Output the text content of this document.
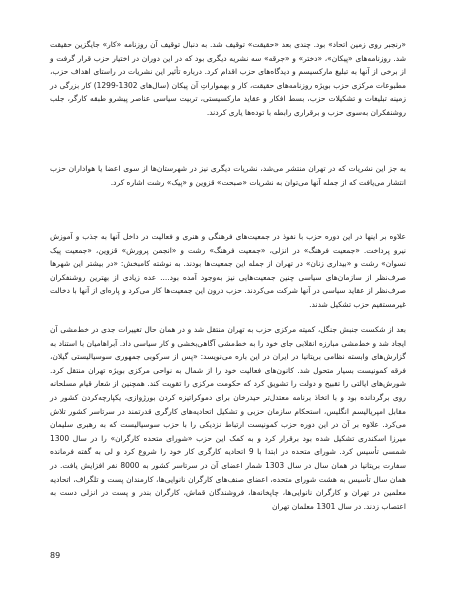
«رنجبر روی زمین اتحاد» بود. چندی بعد «حقیقت» توقیف شد. به دنبال توقیف آن روزنامه «کار» جایگزین حقیقت شد. روزنامه‌های «پیکان»، «دختر» و «جرقه» سه نشریه دیگری بود که در این دوران در اختیار حزب قرار گرفت و از برخی از آنها به تبلیغ مارکسیسم و دیدگاه‌های حزب اقدام کرد. درباره تأثیر این نشریات در راستای اهداف حزب، مطبوعات مرکزی حزب بویژه روزنامه‌های حقیقت، کار و بهمواراتِ آن پیکان (سال‌های 1302-1299) کار بزرگی در زمینه تبلیغات و تشکیلات حزب، بسط افکار و عقاید مارکسیستی، تربیت سیاسی عناصر پیشرو طبقه کارگر، جلب روشنفکران به‌سوی حزب و برقراری رابطه با توده‌ها یاری کردند.

به جز این نشریات که در تهران منتشر می‌شد، نشریات دیگری نیز در شهرستان‌ها از سوی اعضا یا هواداران حزب انتشار می‌یافت که از جمله آنها می‌توان به نشریات «صبحت» قزوین و «پیک» رشت اشاره کرد.

علاوه بر اینها در این دوره حزب با نفوذ در جمعیت‌های فرهنگی و هنری و فعالیت در داخل آنها به جذب و آموزش نیرو پرداخت. «جمعیت فرهنگ» در انزلی، «جمعیت فرهنگ» رشت و «انجمن پرورش» قزوین، «جمعیت پیک نسوان» رشت و «بیداری زنان» در تهران از جمله این جمعیت‌ها بودند. به نوشته کامبخش: «در بیشتر این شهرها صرف‌نظر از سازمان‌های سیاسی چنین جمعیت‌هایی نیز به‌وجود آمده بود.... عده زیادی از بهترین روشنفکران صرف‌نظر از عقاید سیاسی در آنها شرکت می‌کردند. حزب درون این جمعیت‌ها کار می‌کرد و پاره‌ای از آنها با دخالت غیرمستقیم حزب تشکیل شدند.

بعد از شکست جنبش جنگل، کمیته مرکزی حزب به تهران منتقل شد و در همان حال تغییرات جدی در خط‌مشی آن ایجاد شد و خط‌مشی مبارزه انقلابی جای خود را به خط‌مشی آگاهی‌بخشی و کار سیاسی داد. آبراهامیان با استناد به گزارش‌های وابسته نظامی بریتانیا در ایران در این باره می‌نویسد: «پس از سرکوبی جمهوری سوسیالیستی گیلان، فرقه کمونیست بسیار متحول شد. کانون‌های فعالیت خود را از شمال به نواحی مرکزی بویژه تهران منتقل کرد. شورش‌های ایالتی را تقبیح و دولت را تشویق کرد که حکومت مرکزی را تقویت کند. همچنین از شعار قیام مسلحانه روی برگردانده بود و با اتخاذ برنامه معتدل‌تر حیدرخان برای دموکراتیزه کردن بورژوازی، یکپارچه‌کردن کشور در مقابل امپریالیسم انگلیس، استحکام سازمان حزبی و تشکیل اتحادیه‌های کارگری قدرتمند در سرتاسر کشور تلاش می‌کرد. علاوه بر آن در این دوره حزب کمونیست ارتباط نزدیکی را با حزب سوسیالیست که به رهبری سلیمان میرزا اسکندری تشکیل شده بود برقرار کرد و به کمک این حزب «شورای متحده کارگران» را در سال 1300 شمسی تأسیس کرد. شورای متحده در ابتدا با 9 اتحادیه کارگری کار خود را شروع کرد و لی به گفته فرمانده سفارت بریتانیا در همان سال در سال 1303 شمار اعضای آن در سرتاسر کشور به 8000 نفر افزایش یافت. در همان سال تأسیس به هشت شورای متحده، اعضای صنف‌های کارگران نانوایی‌ها، کارمندان پست و تلگراف، اتحادیه معلمین در تهران و کارگران نانوایی‌ها، چاپخانه‌ها، فروشندگان قماش، کارگران بندر و پست در انزلی دست به اعتصاب زدند. در سال 1301 معلمان تهران

89
